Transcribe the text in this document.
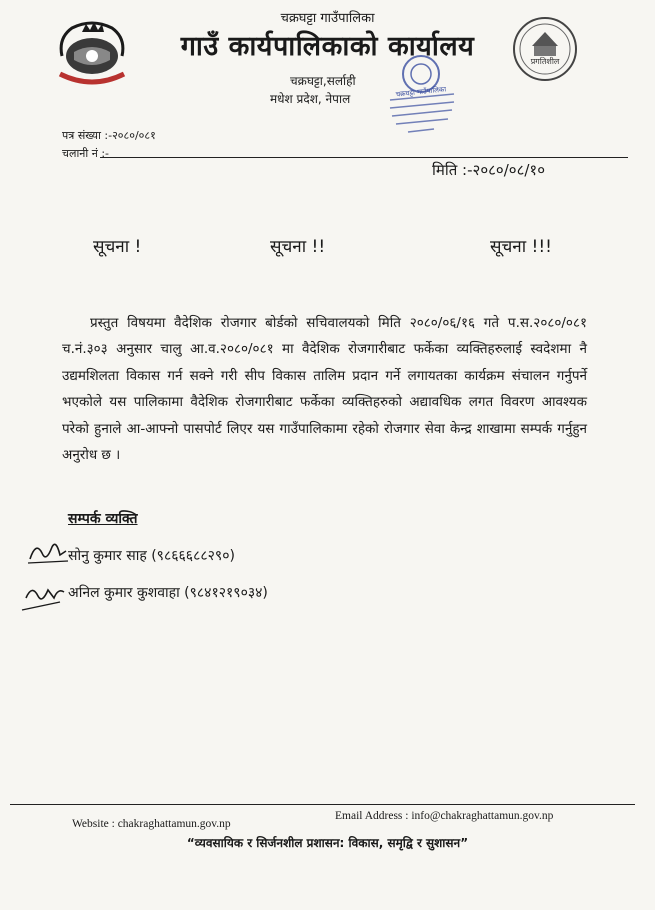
चक्रघट्टा गाउँपालिका
गाउँ कार्यपालिकाको कार्यालय
चक्रघट्टा,सर्लाही
मधेश प्रदेश, नेपाल
प्रगतिशील
चक्रघट्टा गाउँपालिका
पत्र संख्या :-२०८०/०८१
चलानी नं :-
मिति :-२०८०/०८/१०
सूचना !	सूचना !!	सूचना !!!
प्रस्तुत विषयमा वैदेशिक रोजगार बोर्डको सचिवालयको मिति २०८०/०६/१६ गते प.स.२०८०/०८१ च.नं.३०३ अनुसार चालु आ.व.२०८०/०८१ मा वैदेशिक रोजगारीबाट फर्केका व्यक्तिहरुलाई स्वदेशमा नै उद्यमशिलता विकास गर्न सक्ने गरी सीप विकास तालिम प्रदान गर्ने लगायतका कार्यक्रम संचालन गर्नुपर्ने भएकोले यस पालिकामा वैदेशिक रोजगारीबाट फर्केका व्यक्तिहरुको अद्यावधिक लगत विवरण आवश्यक परेको हुनाले आ-आफ्नो पासपोर्ट लिएर यस गाउँपालिकामा रहेको रोजगार सेवा केन्द्र शाखामा सम्पर्क गर्नुहुन अनुरोध छ ।
सम्पर्क व्यक्ति
सोनु कुमार साह (९८६६६८८२९०)
अनिल कुमार कुशवाहा (९८४१२१९०३४)
Website : chakraghattamun.gov.np
Email Address : info@chakraghattamun.gov.np
“व्यवसायिक र सिर्जनशील प्रशासन: विकास, समृद्वि र सुशासन”
